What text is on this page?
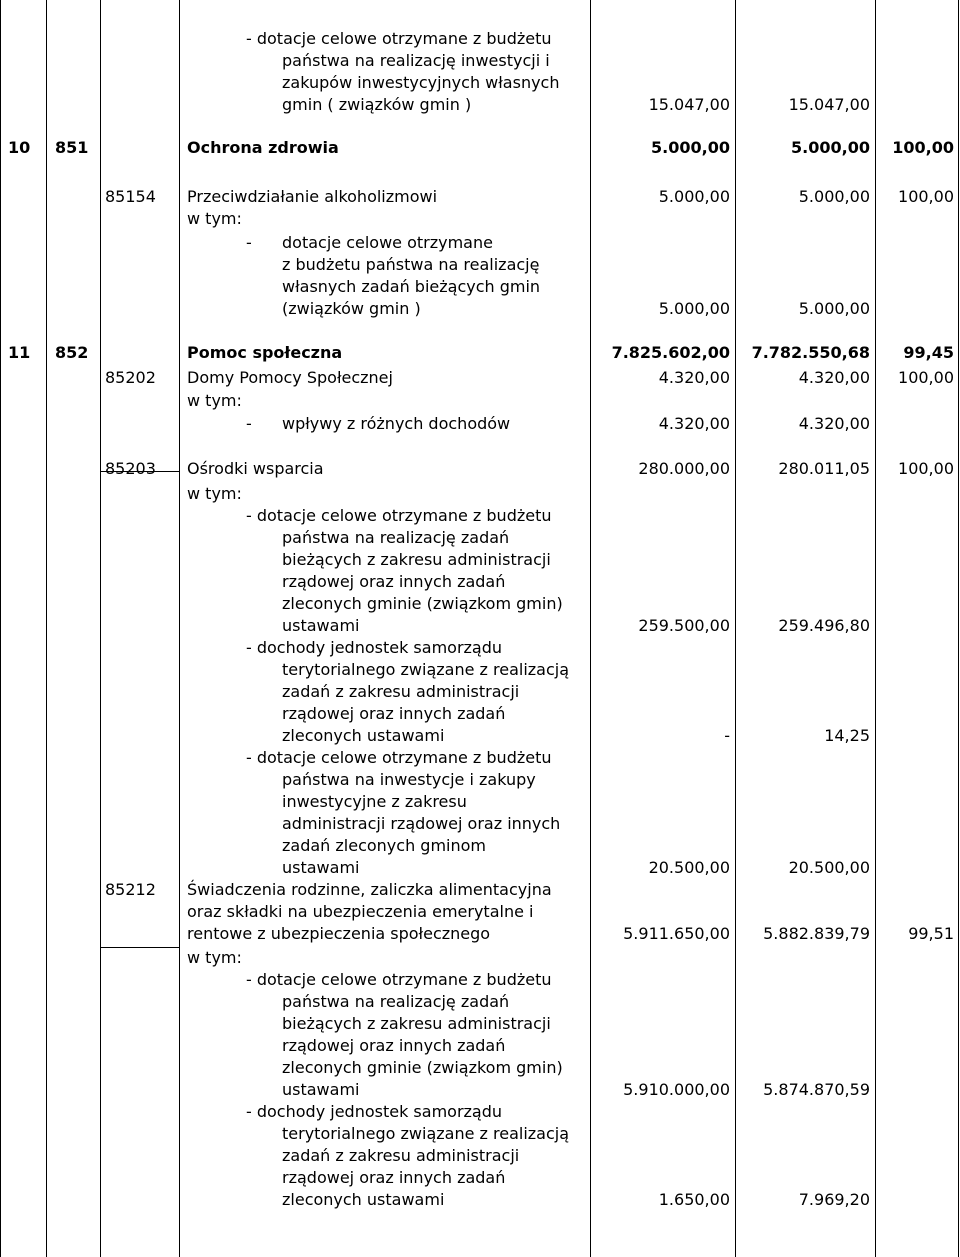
- dotacje celowe otrzymane z budżetu
państwa na realizację inwestycji i
zakupów inwestycyjnych własnych
gmin ( związków gmin )	15.047,00	15.047,00
10 851	Ochrona zdrowia	5.000,00	5.000,00	100,00
85154	Przeciwdziałanie alkoholizmowi	5.000,00	5.000,00	100,00
w tym:
- dotacje celowe otrzymane
z budżetu państwa na realizację
własnych zadań bieżących gmin
(związków gmin )	5.000,00	5.000,00
11 852	Pomoc społeczna	7.825.602,00	7.782.550,68	99,45
85202	Domy Pomocy Społecznej	4.320,00	4.320,00	100,00
w tym:
- wpływy z różnych dochodów	4.320,00	4.320,00
85203	Ośrodki wsparcia	280.000,00	280.011,05	100,00
w tym:
- dotacje celowe otrzymane z budżetu
państwa na realizację zadań
bieżących z zakresu administracji
rządowej oraz innych zadań
zleconych gminie (związkom gmin)
ustawami	259.500,00	259.496,80
- dochody jednostek samorządu
terytorialnego związane z realizacją
zadań z zakresu administracji
rządowej oraz innych zadań
zleconych ustawami	-	14,25
- dotacje celowe otrzymane z budżetu
państwa na inwestycje i zakupy
inwestycyjne z zakresu
administracji rządowej oraz innych
zadań zleconych gminom
ustawami	20.500,00	20.500,00
85212	Świadczenia rodzinne, zaliczka alimentacyjna
oraz składki na ubezpieczenia emerytalne i
rentowe z ubezpieczenia społecznego	5.911.650,00	5.882.839,79	99,51
w tym:
- dotacje celowe otrzymane z budżetu
państwa na realizację zadań
bieżących z zakresu administracji
rządowej oraz innych zadań
zleconych gminie (związkom gmin)
ustawami	5.910.000,00	5.874.870,59
- dochody jednostek samorządu
terytorialnego związane z realizacją
zadań z zakresu administracji
rządowej oraz innych zadań
zleconych ustawami	1.650,00	7.969,20
